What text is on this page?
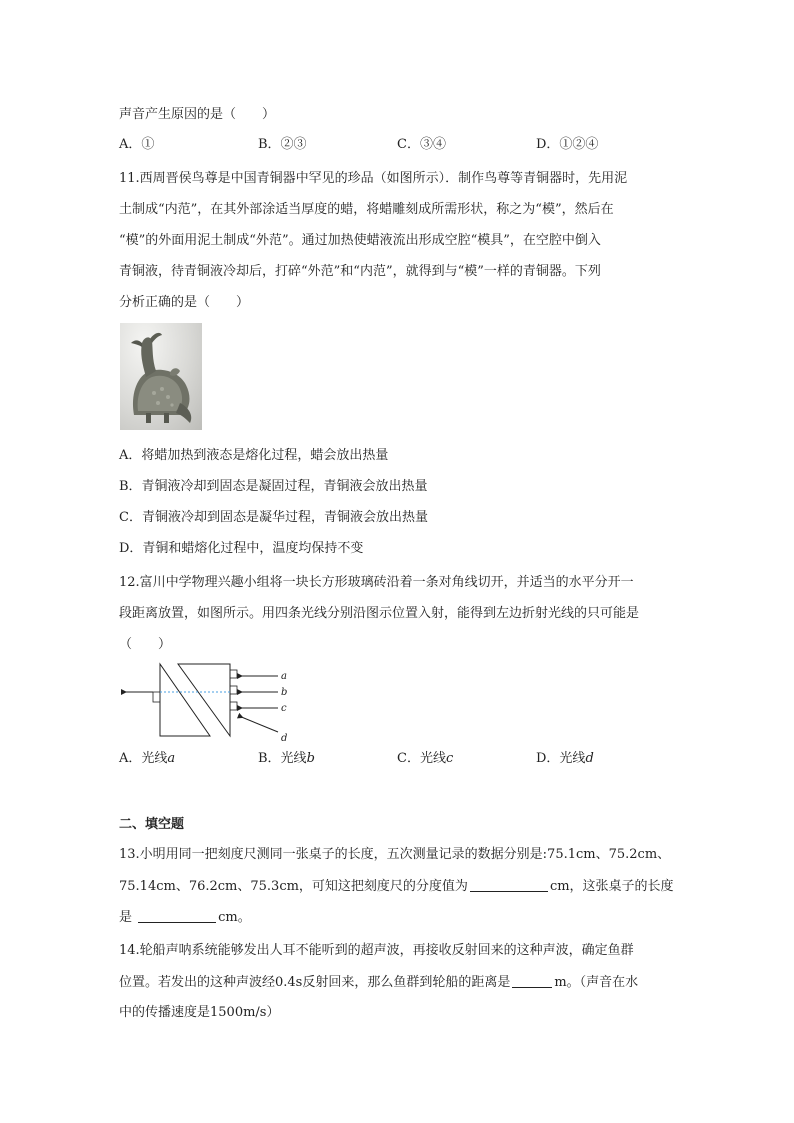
声音产生原因的是（　　）
A．①	B．②③	C．③④	D．①②④
11.西周晋侯鸟尊是中国青铜器中罕见的珍品（如图所示）．制作鸟尊等青铜器时，先用泥
土制成“内范”，在其外部涂适当厚度的蜡，将蜡雕刻成所需形状，称之为“模”，然后在
“模”的外面用泥土制成“外范”。通过加热使蜡液流出形成空腔“模具”，在空腔中倒入
青铜液，待青铜液冷却后，打碎“外范”和“内范”，就得到与“模”一样的青铜器。下列
分析正确的是（　　）
A．将蜡加热到液态是熔化过程，蜡会放出热量
B．青铜液冷却到固态是凝固过程，青铜液会放出热量
C．青铜液冷却到固态是凝华过程，青铜液会放出热量
D．青铜和蜡熔化过程中，温度均保持不变
12.富川中学物理兴趣小组将一块长方形玻璃砖沿着一条对角线切开，并适当的水平分开一
段距离放置，如图所示。用四条光线分别沿图示位置入射，能得到左边折射光线的只可能是
（　　）
a
b
c
d
A．光线a	B．光线b	C．光线c	D．光线d
二、填空题
13.小明用同一把刻度尺测同一张桌子的长度，五次测量记录的数据分别是:75.1cm、75.2cm、
75.14cm、76.2cm、75.3cm，可知这把刻度尺的分度值为	cm，这张桌子的长度
是	cm。
14.轮船声呐系统能够发出人耳不能听到的超声波，再接收反射回来的这种声波，确定鱼群
位置。若发出的这种声波经0.4s反射回来，那么鱼群到轮船的距离是	m。（声音在水
中的传播速度是1500m/s）
